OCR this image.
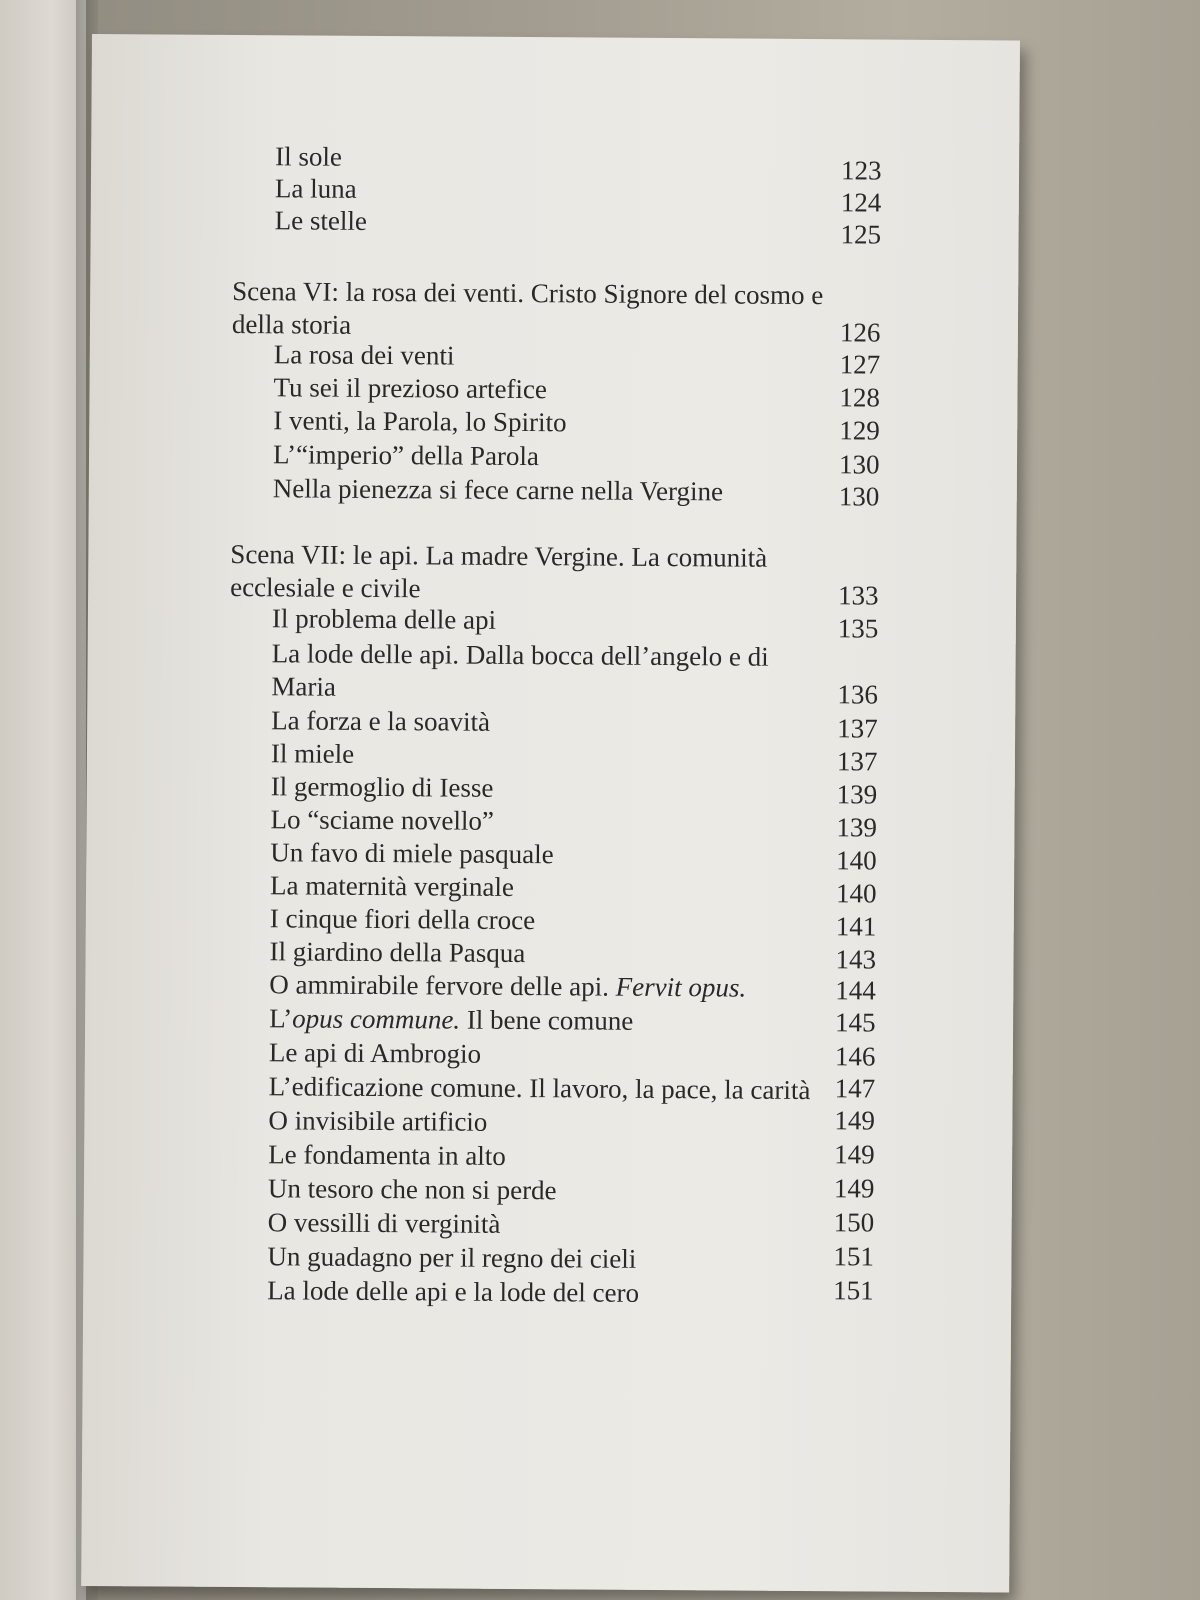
Il sole	123
La luna	124
Le stelle	125
Scena VI: la rosa dei venti. Cristo Signore del cosmo e della storia	126
La rosa dei venti	127
Tu sei il prezioso artefice	128
I venti, la Parola, lo Spirito	129
L’“imperio” della Parola	130
Nella pienezza si fece carne nella Vergine	130
Scena VII: le api. La madre Vergine. La comunità ecclesiale e civile	133
Il problema delle api	135
La lode delle api. Dalla bocca dell’angelo e di Maria	136
La forza e la soavità	137
Il miele	137
Il germoglio di Iesse	139
Lo “sciame novello”	139
Un favo di miele pasquale	140
La maternità verginale	140
I cinque fiori della croce	141
Il giardino della Pasqua	143
O ammirabile fervore delle api. Fervit opus.	144
L’opus commune. Il bene comune	145
Le api di Ambrogio	146
L’edificazione comune. Il lavoro, la pace, la carità 147
O invisibile artificio	149
Le fondamenta in alto	149
Un tesoro che non si perde	149
O vessilli di verginità	150
Un guadagno per il regno dei cieli	151
La lode delle api e la lode del cero	151
